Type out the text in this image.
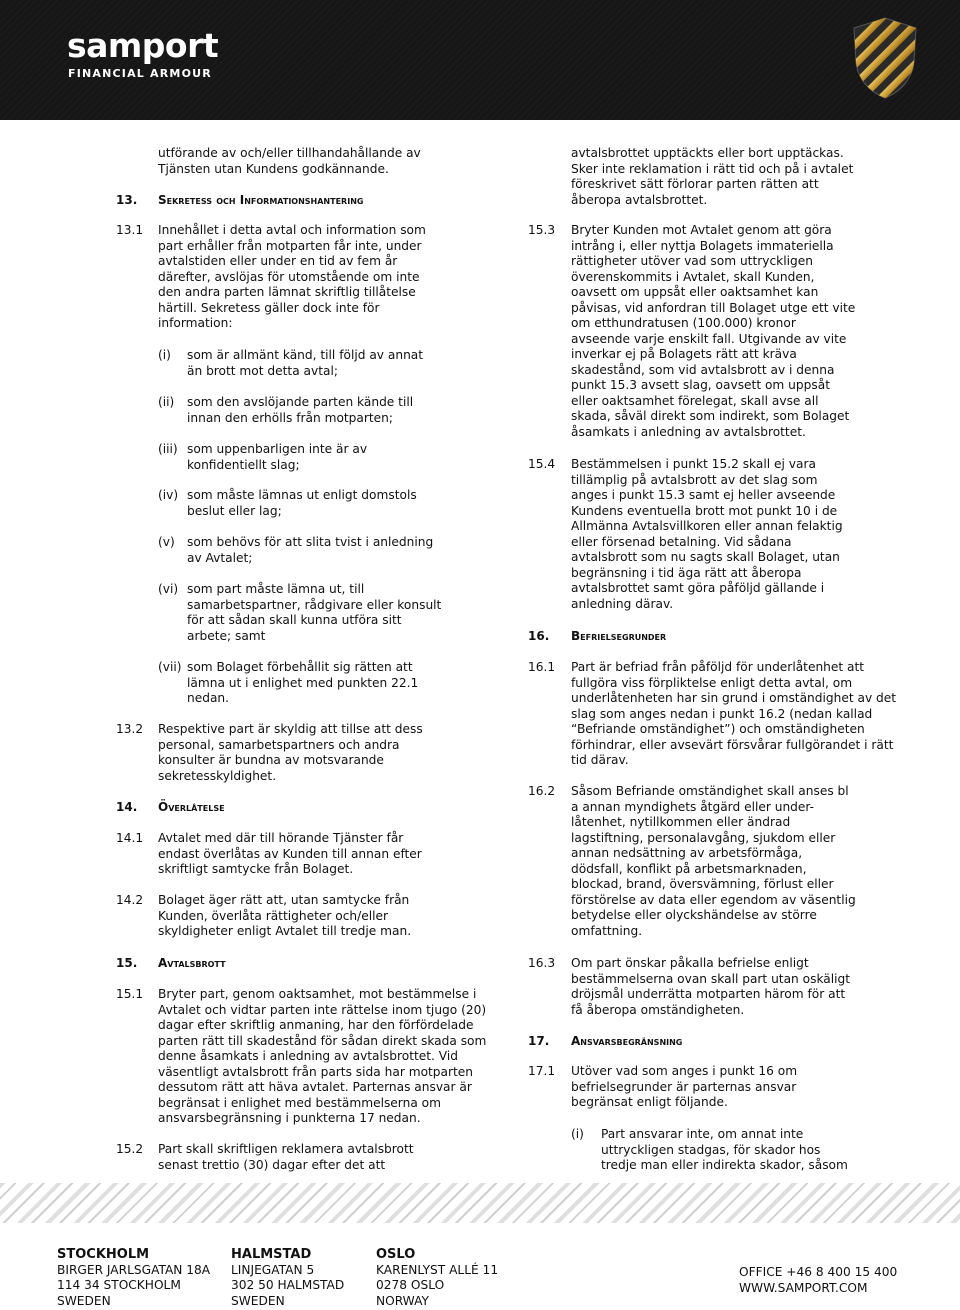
samport
FINANCIAL ARMOUR
utförande av och/eller tillhandahållande av
Tjänsten utan Kundens godkännande.
13. Sekretess och Informationshantering
13.1 Innehållet i detta avtal och information som
part erhåller från motparten får inte, under
avtalstiden eller under en tid av fem år
därefter, avslöjas för utomstående om inte
den andra parten lämnat skriftlig tillåtelse
härtill. Sekretess gäller dock inte för
information:
(i) som är allmänt känd, till följd av annat
än brott mot detta avtal;
(ii) som den avslöjande parten kände till
innan den erhölls från motparten;
(iii) som uppenbarligen inte är av
konfidentiellt slag;
(iv) som måste lämnas ut enligt domstols
beslut eller lag;
(v) som behövs för att slita tvist i anledning
av Avtalet;
(vi) som part måste lämna ut, till
samarbetspartner, rådgivare eller konsult
för att sådan skall kunna utföra sitt
arbete; samt
(vii) som Bolaget förbehållit sig rätten att
lämna ut i enlighet med punkten 22.1
nedan.
13.2 Respektive part är skyldig att tillse att dess
personal, samarbetspartners och andra
konsulter är bundna av motsvarande
sekretesskyldighet.
14. Överlåtelse
14.1 Avtalet med där till hörande Tjänster får
endast överlåtas av Kunden till annan efter
skriftligt samtycke från Bolaget.
14.2 Bolaget äger rätt att, utan samtycke från
Kunden, överlåta rättigheter och/eller
skyldigheter enligt Avtalet till tredje man.
15. Avtalsbrott
15.1 Bryter part, genom oaktsamhet, mot bestämmelse i
Avtalet och vidtar parten inte rättelse inom tjugo (20)
dagar efter skriftlig anmaning, har den förfördelade
parten rätt till skadestånd för sådan direkt skada som
denne åsamkats i anledning av avtalsbrottet. Vid
väsentligt avtalsbrott från parts sida har motparten
dessutom rätt att häva avtalet. Parternas ansvar är
begränsat i enlighet med bestämmelserna om
ansvarsbegränsning i punkterna 17 nedan.
15.2 Part skall skriftligen reklamera avtalsbrott
senast trettio (30) dagar efter det att
avtalsbrottet upptäckts eller bort upptäckas.
Sker inte reklamation i rätt tid och på i avtalet
föreskrivet sätt förlorar parten rätten att
åberopa avtalsbrottet.
15.3 Bryter Kunden mot Avtalet genom att göra
intrång i, eller nyttja Bolagets immateriella
rättigheter utöver vad som uttryckligen
överenskommits i Avtalet, skall Kunden,
oavsett om uppsåt eller oaktsamhet kan
påvisas, vid anfordran till Bolaget utge ett vite
om etthundratusen (100.000) kronor
avseende varje enskilt fall. Utgivande av vite
inverkar ej på Bolagets rätt att kräva
skadestånd, som vid avtalsbrott av i denna
punkt 15.3 avsett slag, oavsett om uppsåt
eller oaktsamhet förelegat, skall avse all
skada, såväl direkt som indirekt, som Bolaget
åsamkats i anledning av avtalsbrottet.
15.4 Bestämmelsen i punkt 15.2 skall ej vara
tillämplig på avtalsbrott av det slag som
anges i punkt 15.3 samt ej heller avseende
Kundens eventuella brott mot punkt 10 i de
Allmänna Avtalsvillkoren eller annan felaktig
eller försenad betalning. Vid sådana
avtalsbrott som nu sagts skall Bolaget, utan
begränsning i tid äga rätt att åberopa
avtalsbrottet samt göra påföljd gällande i
anledning därav.
16. Befrielsegrunder
16.1 Part är befriad från påföljd för underlåtenhet att
fullgöra viss förpliktelse enligt detta avtal, om
underlåtenheten har sin grund i omständighet av det
slag som anges nedan i punkt 16.2 (nedan kallad
“Befriande omständighet”) och omständigheten
förhindrar, eller avsevärt försvårar fullgörandet i rätt
tid därav.
16.2 Såsom Befriande omständighet skall anses bl
a annan myndighets åtgärd eller under-
låtenhet, nytillkommen eller ändrad
lagstiftning, personalavgång, sjukdom eller
annan nedsättning av arbetsförmåga,
dödsfall, konflikt på arbetsmarknaden,
blockad, brand, översvämning, förlust eller
förstörelse av data eller egendom av väsentlig
betydelse eller olyckshändelse av större
omfattning.
16.3 Om part önskar påkalla befrielse enligt
bestämmelserna ovan skall part utan oskäligt
dröjsmål underrätta motparten härom för att
få åberopa omständigheten.
17. Ansvarsbegränsning
17.1 Utöver vad som anges i punkt 16 om
befrielsegrunder är parternas ansvar
begränsat enligt följande.
(i) Part ansvarar inte, om annat inte
uttryckligen stadgas, för skador hos
tredje man eller indirekta skador, såsom
STOCKHOLM
BIRGER JARLSGATAN 18A
114 34 STOCKHOLM
SWEDEN
HALMSTAD
LINJEGATAN 5
302 50 HALMSTAD
SWEDEN
OSLO
KARENLYST ALLÉ 11
0278 OSLO
NORWAY
OFFICE +46 8 400 15 400
WWW.SAMPORT.COM
